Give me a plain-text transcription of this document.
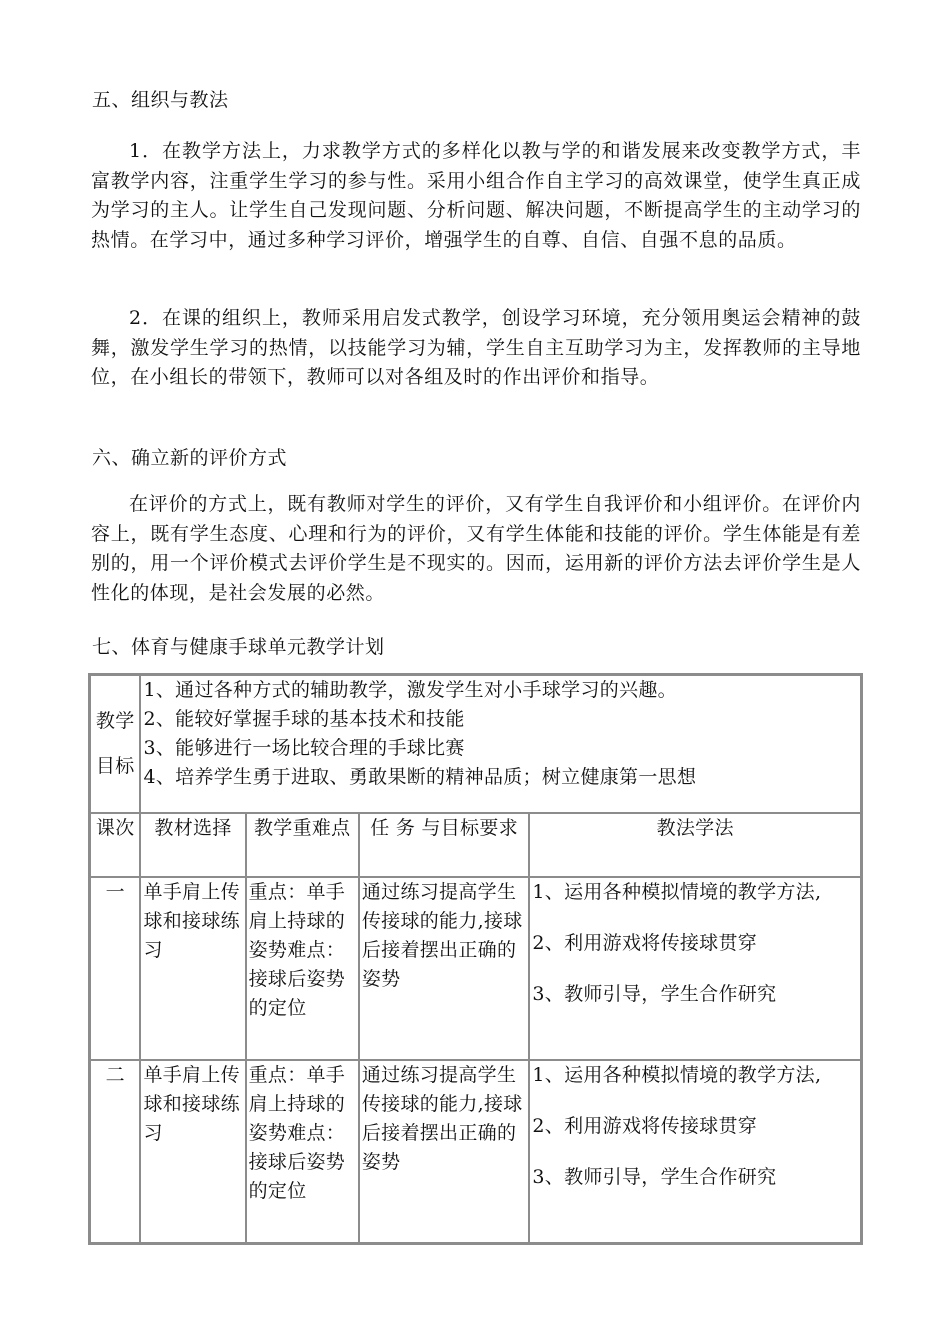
五、组织与教法
1．在教学方法上，力求教学方式的多样化以教与学的和谐发展来改变教学方式，丰富教学内容，注重学生学习的参与性。采用小组合作自主学习的高效课堂，使学生真正成为学习的主人。让学生自己发现问题、分析问题、解决问题，不断提高学生的主动学习的热情。在学习中，通过多种学习评价，增强学生的自尊、自信、自强不息的品质。
2．在课的组织上，教师采用启发式教学，创设学习环境，充分领用奥运会精神的鼓舞，激发学生学习的热情，以技能学习为辅，学生自主互助学习为主，发挥教师的主导地位，在小组长的带领下，教师可以对各组及时的作出评价和指导。
六、确立新的评价方式
在评价的方式上，既有教师对学生的评价，又有学生自我评价和小组评价。在评价内容上，既有学生态度、心理和行为的评价，又有学生体能和技能的评价。学生体能是有差别的，用一个评价模式去评价学生是不现实的。因而，运用新的评价方法去评价学生是人性化的体现，是社会发展的必然。
七、体育与健康手球单元教学计划
教学
目标	1、通过各种方式的辅助教学，激发学生对小手球学习的兴趣。
2、能较好掌握手球的基本技术和技能
3、能够进行一场比较合理的手球比赛
4、培养学生勇于进取、勇敢果断的精神品质；树立健康第一思想			

课次	教材选择	教学重难点	任 务 与目标要求	教法学法
一	单手肩上传球和接球练习	重点：单手肩上持球的姿势难点：接球后姿势的定位	通过练习提高学生传接球的能力,接球后接着摆出正确的姿势	1、运用各种模拟情境的教学方法,
2、利用游戏将传接球贯穿
3、教师引导，学生合作研究

二	单手肩上传球和接球练习	重点：单手肩上持球的姿势难点：接球后姿势的定位	通过练习提高学生传接球的能力,接球后接着摆出正确的姿势	1、运用各种模拟情境的教学方法,
2、利用游戏将传接球贯穿
3、教师引导，学生合作研究
